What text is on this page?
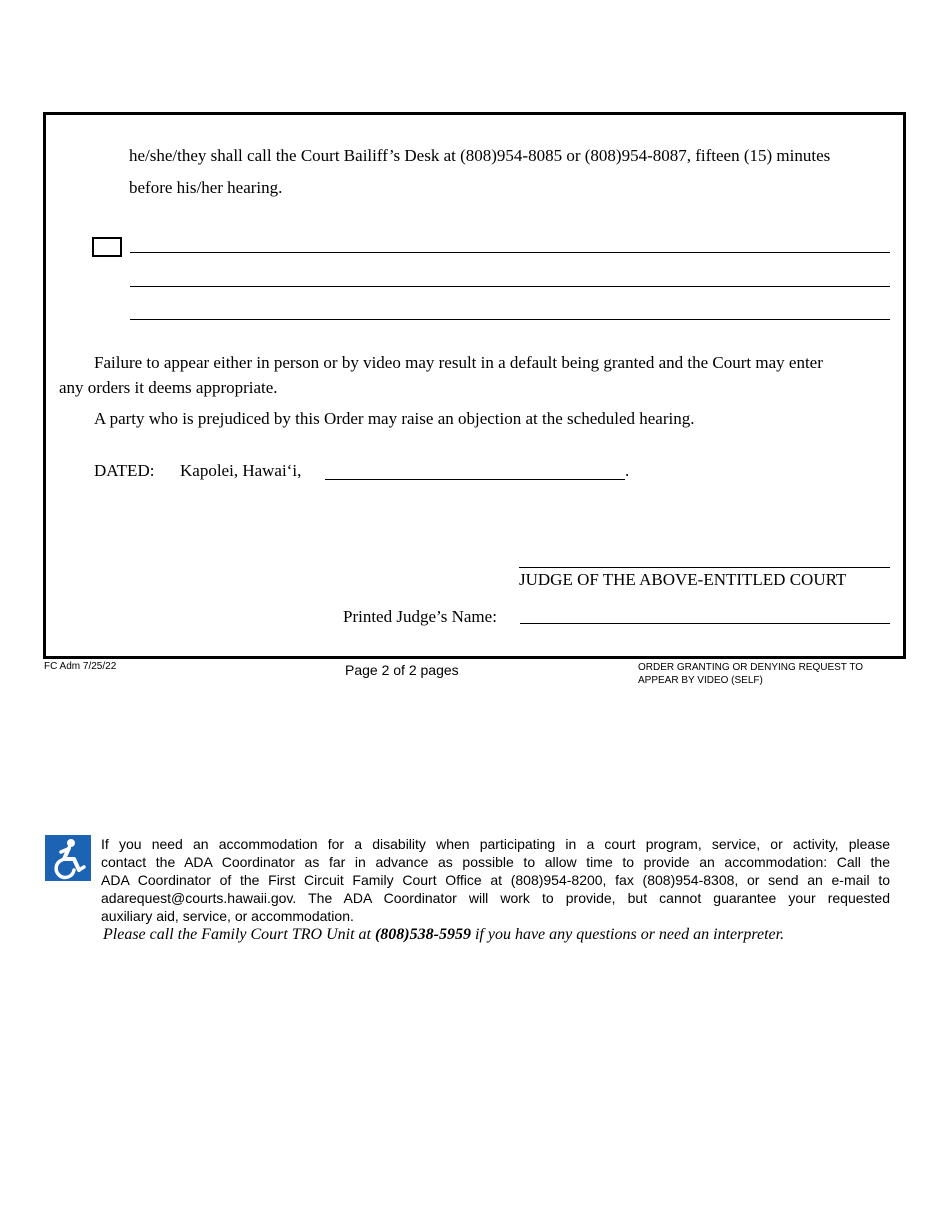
he/she/they shall call the Court Bailiff’s Desk at (808)954-8085 or (808)954-8087, fifteen (15) minutes
before his/her hearing.
Failure to appear either in person or by video may result in a default being granted and the Court may enter
any orders it deems appropriate.
A party who is prejudiced by this Order may raise an objection at the scheduled hearing.
DATED: Kapolei, Hawaiʻi,	.
JUDGE OF THE ABOVE-ENTITLED COURT
Printed Judge’s Name:
FC Adm 7/25/22	Page 2 of 2 pages	ORDER GRANTING OR DENYING REQUEST TO
APPEAR BY VIDEO (SELF)
If you need an accommodation for a disability when participating in a court program, service, or activity, please
contact the ADA Coordinator as far in advance as possible to allow time to provide an accommodation: Call the
ADA Coordinator of the First Circuit Family Court Office at (808)954-8200, fax (808)954-8308, or send an e-mail to
adarequest@courts.hawaii.gov. The ADA Coordinator will work to provide, but cannot guarantee your requested
auxiliary aid, service, or accommodation.
Please call the Family Court TRO Unit at (808)538-5959 if you have any questions or need an interpreter.
